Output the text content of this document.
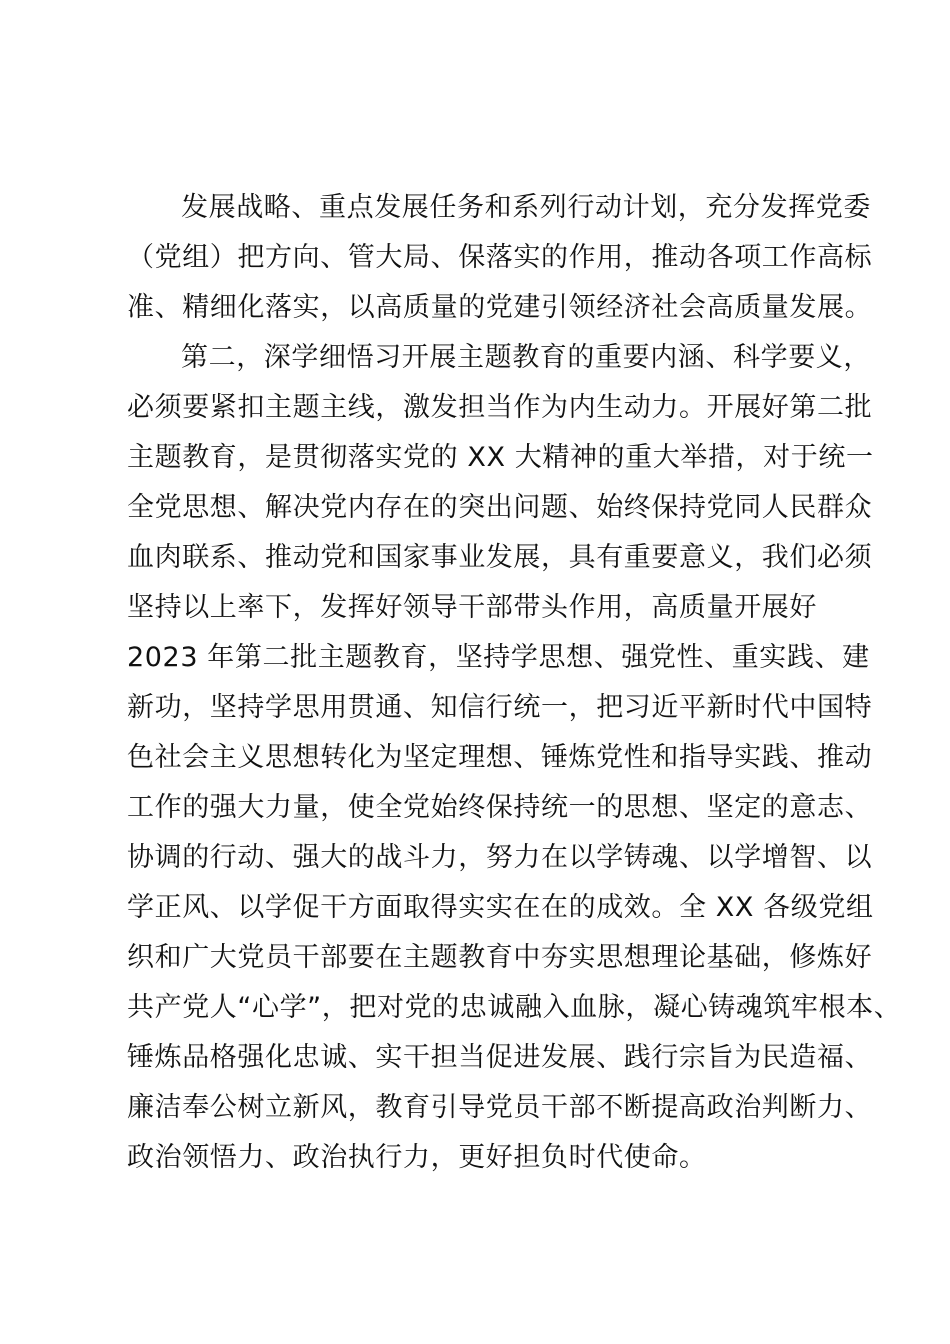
发展战略、重点发展任务和系列行动计划，充分发挥党委
（党组）把方向、管大局、保落实的作用，推动各项工作高标
准、精细化落实，以高质量的党建引领经济社会高质量发展。
第二，深学细悟习开展主题教育的重要内涵、科学要义，
必须要紧扣主题主线，激发担当作为内生动力。开展好第二批
主题教育，是贯彻落实党的 XX 大精神的重大举措，对于统一
全党思想、解决党内存在的突出问题、始终保持党同人民群众
血肉联系、推动党和国家事业发展，具有重要意义，我们必须
坚持以上率下，发挥好领导干部带头作用，高质量开展好
2023 年第二批主题教育，坚持学思想、强党性、重实践、建
新功，坚持学思用贯通、知信行统一，把习近平新时代中国特
色社会主义思想转化为坚定理想、锤炼党性和指导实践、推动
工作的强大力量，使全党始终保持统一的思想、坚定的意志、
协调的行动、强大的战斗力，努力在以学铸魂、以学增智、以
学正风、以学促干方面取得实实在在的成效。全 XX 各级党组
织和广大党员干部要在主题教育中夯实思想理论基础，修炼好
共产党人“心学”，把对党的忠诚融入血脉，凝心铸魂筑牢根本、
锤炼品格强化忠诚、实干担当促进发展、践行宗旨为民造福、
廉洁奉公树立新风，教育引导党员干部不断提高政治判断力、
政治领悟力、政治执行力，更好担负时代使命。
